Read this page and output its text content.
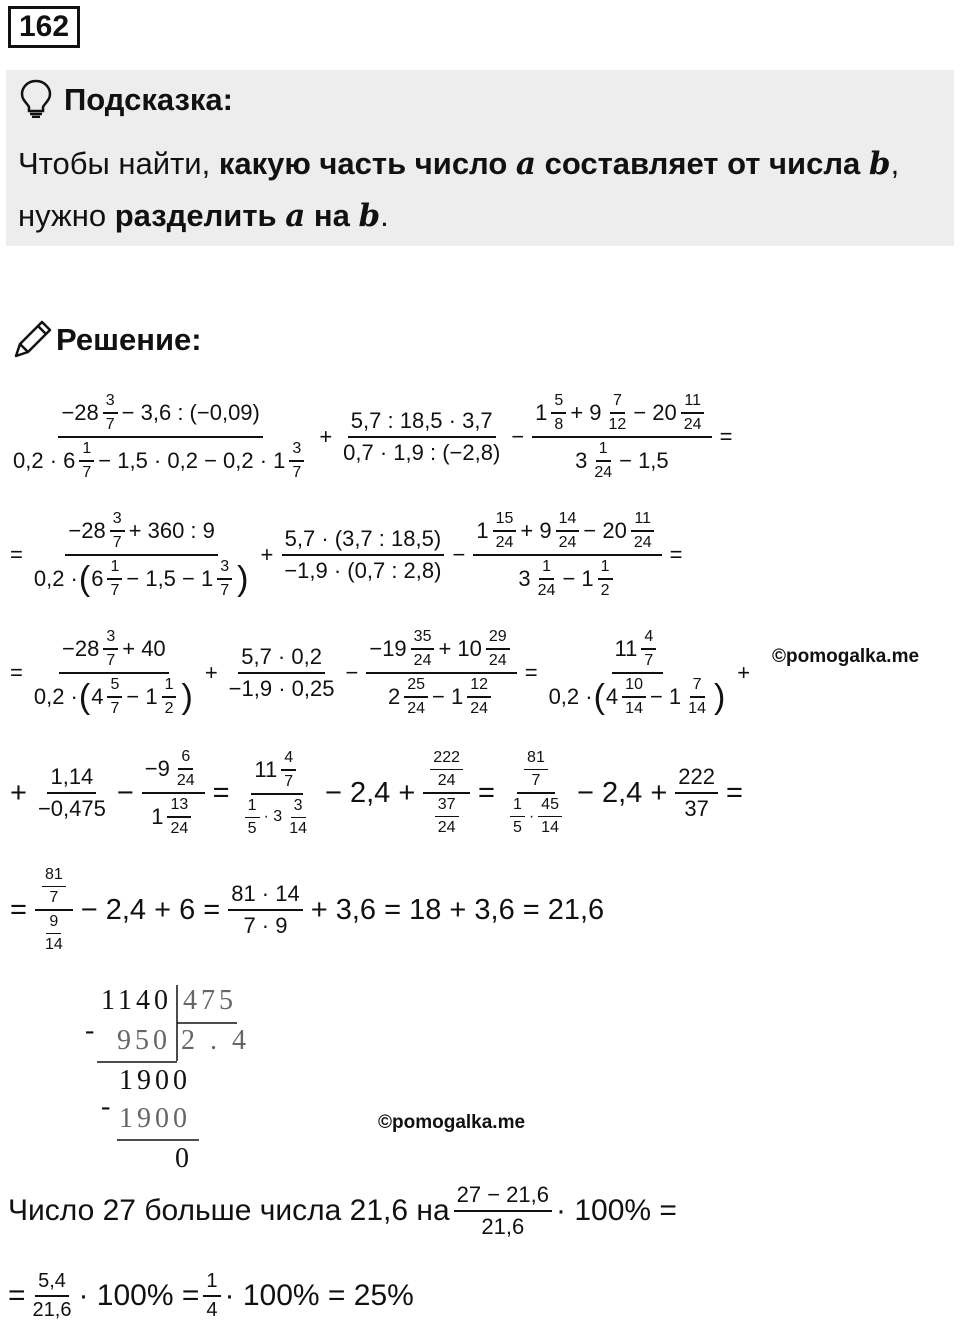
162
Подсказка:
Чтобы найти, какую часть число a составляет от числа b,
нужно разделить a на b.
Решение:
$\frac{-28 \frac{3}{7} - 3,6 : (-0,09)}{0,2 \cdot 6 \frac{1}{7} - 1,5 \cdot 0,2 - 0,2 \cdot 1 \frac{3}{7}} + \frac{5,7 : 18,5 \cdot 3,7}{0,7 \cdot 1,9 : (-2,8)} - \frac{1 \frac{5}{8} + 9 \frac{7}{12} - 20 \frac{11}{24}}{3 \frac{1}{24} - 1,5}$ =
= $\frac{-28 \frac{3}{7} + 360 : 9}{0,2 \cdot ( 6 \frac{1}{7} - 1,5 - 1 \frac{3}{7} )} + \frac{5,7 \cdot (3,7 : 18,5)}{-1,9 \cdot (0,7 : 2,8)} - \frac{1 \frac{15}{24} + 9 \frac{14}{24} - 20 \frac{11}{24}}{3 \frac{1}{24} - 1 \frac{1}{2}}$ =
= $\frac{-28 \frac{3}{7} + 40}{0,2 \cdot ( 4 \frac{5}{7} - 1 \frac{1}{2} )} + \frac{5,7 \cdot 0,2}{-1,9 \cdot 0,25} - \frac{-19 \frac{35}{24} + 10 \frac{29}{24}}{2 \frac{25}{24} - 1 \frac{12}{24}} = \frac{11 \frac{4}{7}}{0,2 \cdot ( 4 \frac{10}{14} - 1 \frac{7}{14} )}$ +
©pomogalka.me
+ $\frac{1,14}{-0,475} - \frac{-9 \frac{6}{24}}{1 \frac{13}{24}} = \frac{11 \frac{4}{7}}{\frac{1}{5} \cdot 3 \frac{3}{14}} - 2,4 + \frac{\frac{222}{24}}{\frac{37}{24}} = \frac{\frac{81}{7}}{\frac{1}{5} \cdot \frac{45}{14}} - 2,4 + \frac{222}{37}$ =
= $\frac{\frac{81}{7}}{\frac{9}{14}} - 2,4 + 6 = \frac{81 \cdot 14}{7 \cdot 9} + 3,6 = 18 + 3,6 = 21,6$
1140 475
- 950 2 . 4
1900
- 1900
0
©pomogalka.me
Число 27 больше числа 21,6 на $\frac{27 - 21,6}{21,6} \cdot 100\%$ =
= $\frac{5,4}{21,6} \cdot 100\% = \frac{1}{4} \cdot 100\% = 25\%$
